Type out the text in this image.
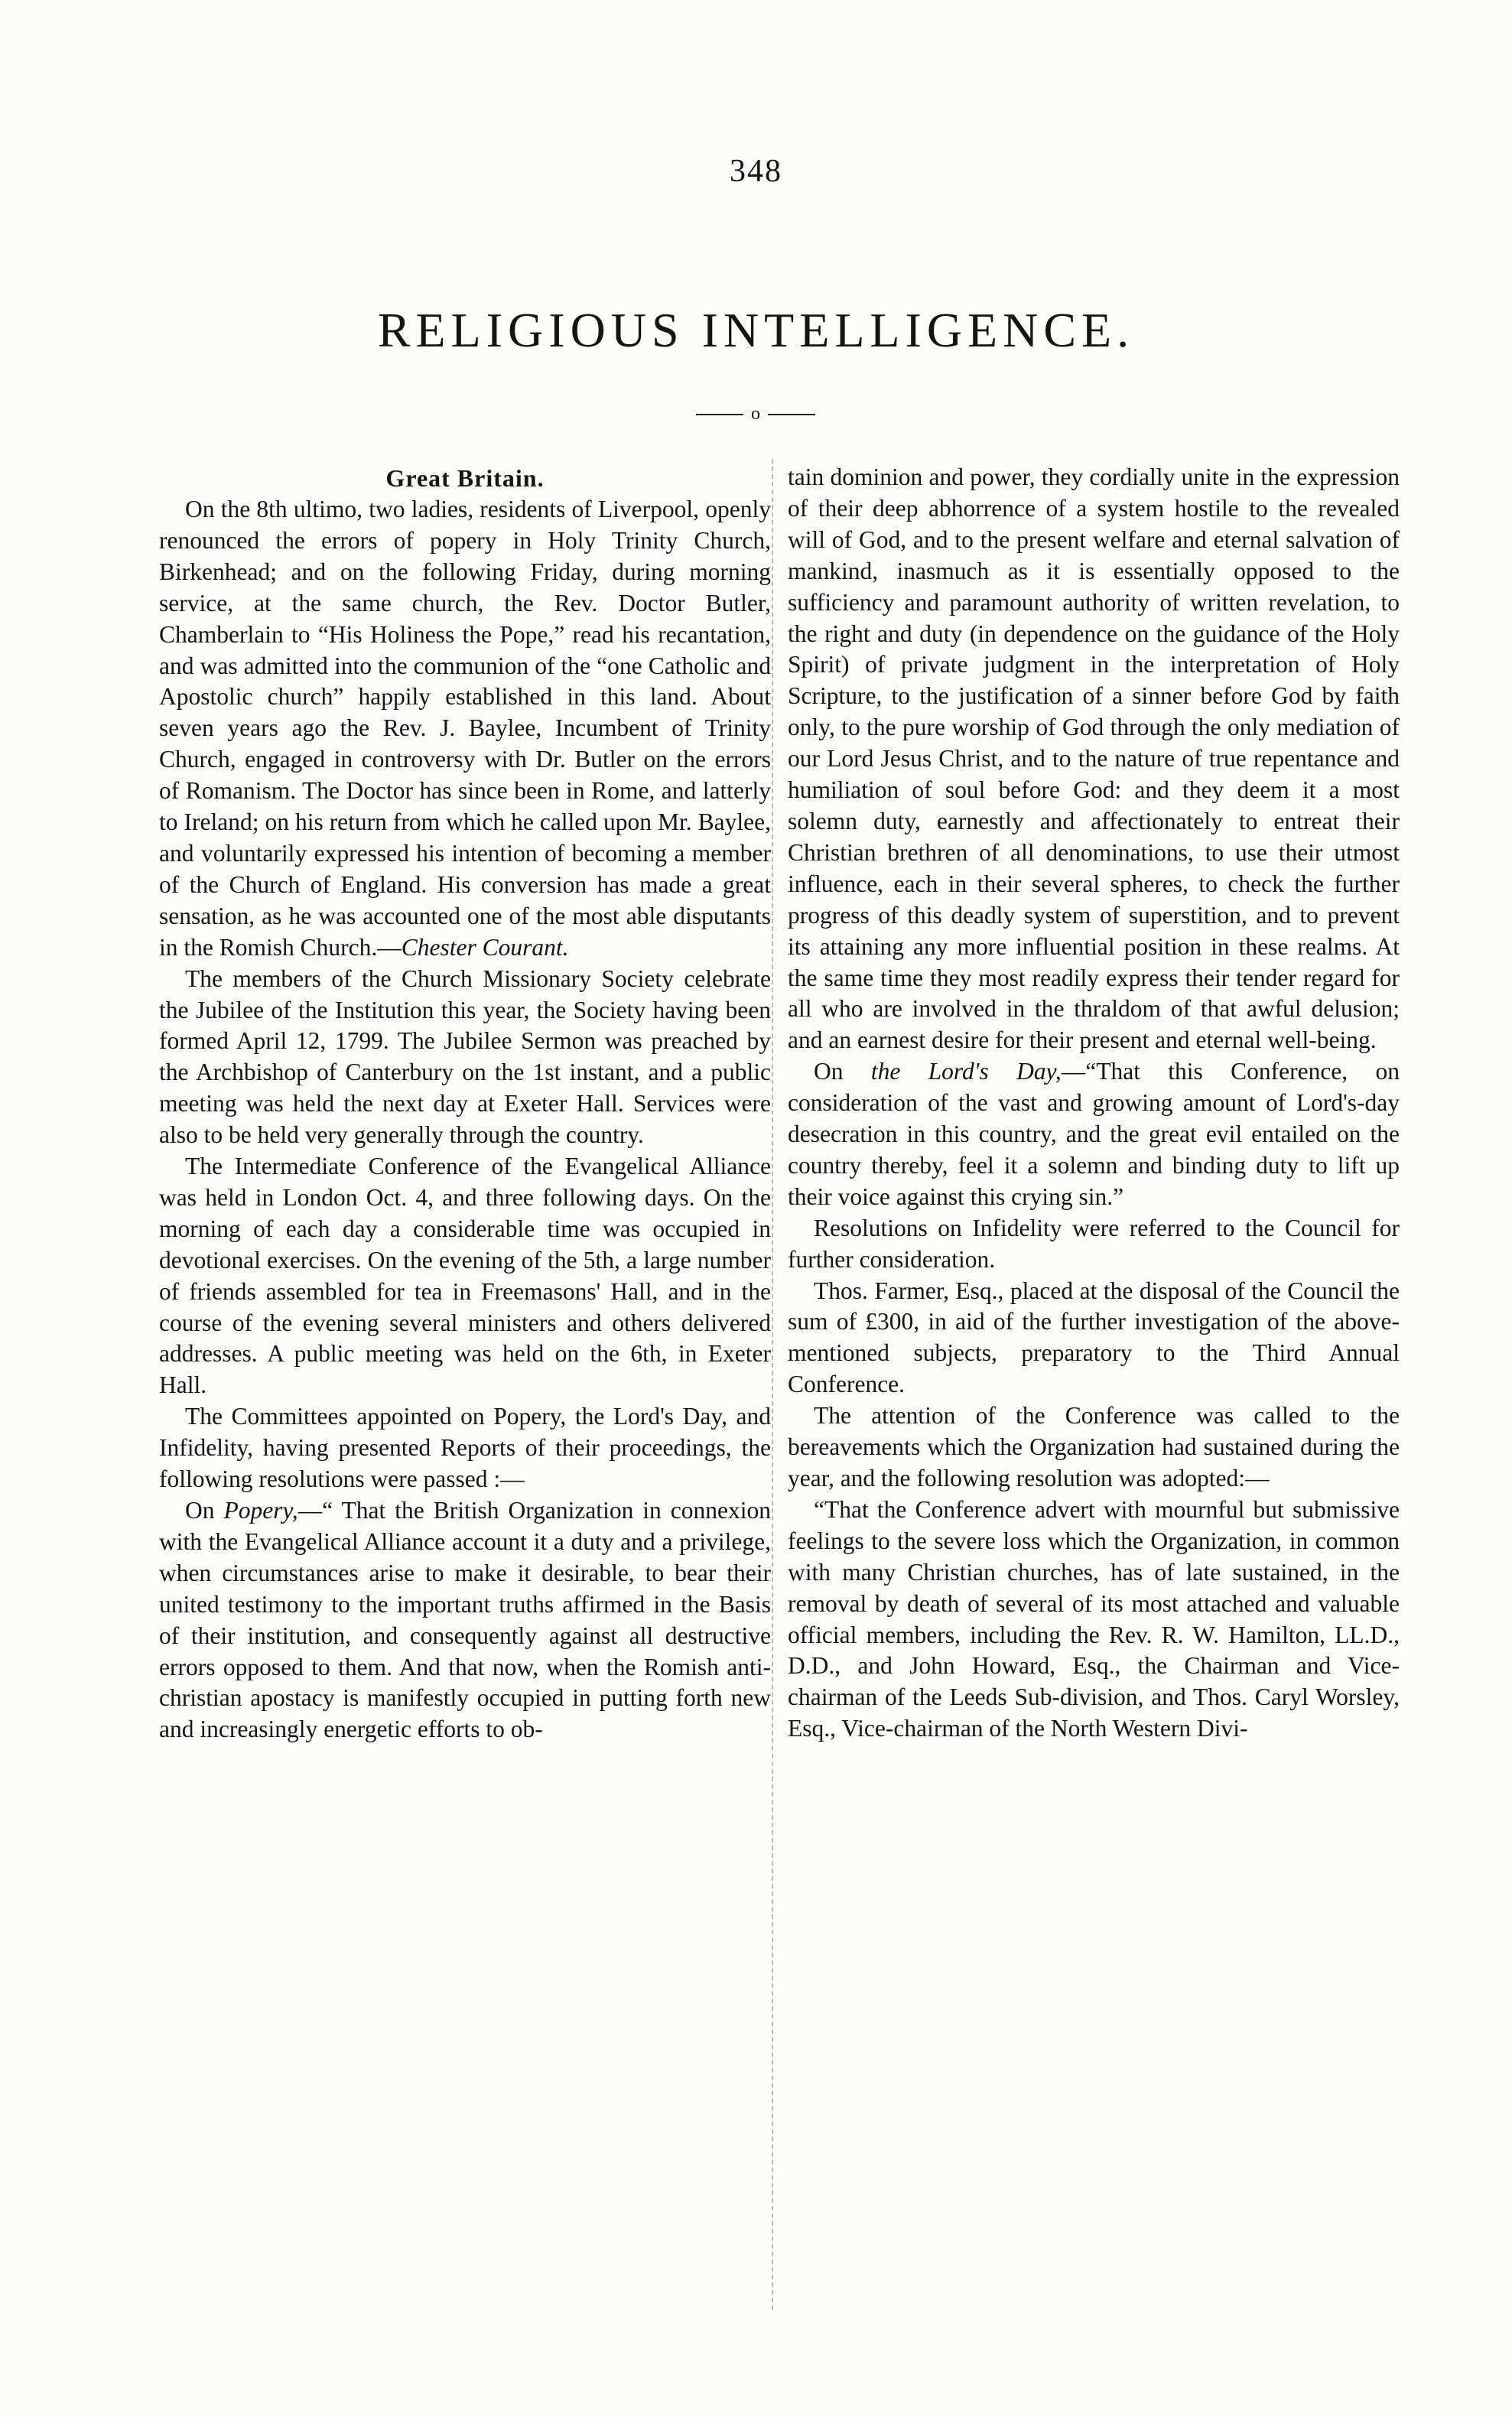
348
RELIGIOUS INTELLIGENCE.
o
Great Britain.

On the 8th ultimo, two ladies, residents of Liverpool, openly renounced the errors of popery in Holy Trinity Church, Birkenhead; and on the following Friday, during morning service, at the same church, the Rev. Doctor Butler, Chamberlain to “His Holiness the Pope,” read his recantation, and was admitted into the communion of the “one Catholic and Apostolic church” happily established in this land. About seven years ago the Rev. J. Baylee, Incumbent of Trinity Church, engaged in controversy with Dr. Butler on the errors of Romanism. The Doctor has since been in Rome, and latterly to Ireland; on his return from which he called upon Mr. Baylee, and voluntarily expressed his intention of becoming a member of the Church of England. His conversion has made a great sensation, as he was accounted one of the most able disputants in the Romish Church.—Chester Courant.

The members of the Church Missionary Society celebrate the Jubilee of the Institution this year, the Society having been formed April 12, 1799. The Jubilee Sermon was preached by the Archbishop of Canterbury on the 1st instant, and a public meeting was held the next day at Exeter Hall. Services were also to be held very generally through the country.

The Intermediate Conference of the Evangelical Alliance was held in London Oct. 4, and three following days. On the morning of each day a considerable time was occupied in devotional exercises. On the evening of the 5th, a large number of friends assembled for tea in Freemasons' Hall, and in the course of the evening several ministers and others delivered addresses. A public meeting was held on the 6th, in Exeter Hall.

The Committees appointed on Popery, the Lord's Day, and Infidelity, having presented Reports of their proceedings, the following resolutions were passed :—

On Popery,—“ That the British Organization in connexion with the Evangelical Alliance account it a duty and a privilege, when circumstances arise to make it desirable, to bear their united testimony to the important truths affirmed in the Basis of their institution, and consequently against all destructive errors opposed to them. And that now, when the Romish anti-christian apostacy is manifestly occupied in putting forth new and increasingly energetic efforts to ob-

tain dominion and power, they cordially unite in the expression of their deep abhorrence of a system hostile to the revealed will of God, and to the present welfare and eternal salvation of mankind, inasmuch as it is essentially opposed to the sufficiency and paramount authority of written revelation, to the right and duty (in dependence on the guidance of the Holy Spirit) of private judgment in the interpretation of Holy Scripture, to the justification of a sinner before God by faith only, to the pure worship of God through the only mediation of our Lord Jesus Christ, and to the nature of true repentance and humiliation of soul before God: and they deem it a most solemn duty, earnestly and affectionately to entreat their Christian brethren of all denominations, to use their utmost influence, each in their several spheres, to check the further progress of this deadly system of superstition, and to prevent its attaining any more influential position in these realms. At the same time they most readily express their tender regard for all who are involved in the thraldom of that awful delusion; and an earnest desire for their present and eternal well-being.

On the Lord's Day,—“That this Conference, on consideration of the vast and growing amount of Lord's-day desecration in this country, and the great evil entailed on the country thereby, feel it a solemn and binding duty to lift up their voice against this crying sin.”

Resolutions on Infidelity were referred to the Council for further consideration.

Thos. Farmer, Esq., placed at the disposal of the Council the sum of £300, in aid of the further investigation of the above-mentioned subjects, preparatory to the Third Annual Conference.

The attention of the Conference was called to the bereavements which the Organization had sustained during the year, and the following resolution was adopted:—

“That the Conference advert with mournful but submissive feelings to the severe loss which the Organization, in common with many Christian churches, has of late sustained, in the removal by death of several of its most attached and valuable official members, including the Rev. R. W. Hamilton, LL.D., D.D., and John Howard, Esq., the Chairman and Vice-chairman of the Leeds Sub-division, and Thos. Caryl Worsley, Esq., Vice-chairman of the North Western Divi-
